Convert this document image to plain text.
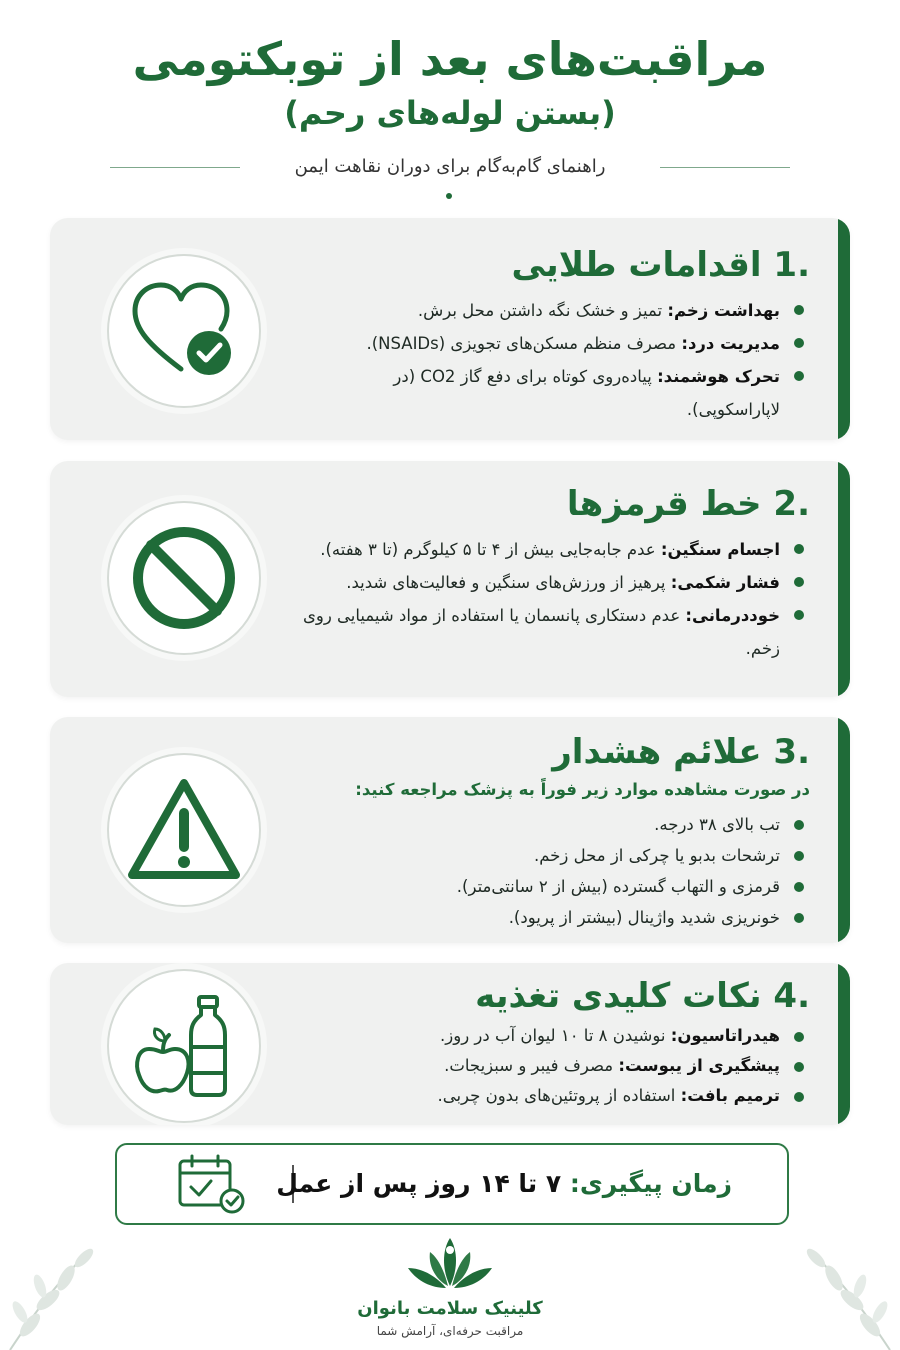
مراقبت‌های بعد از توبکتومی
(بستن لوله‌های رحم)
راهنمای گام‌به‌گام برای دوران نقاهت ایمن
.1 اقدامات طلایی
بهداشت زخم: تمیز و خشک نگه داشتن محل برش.
مدیریت درد: مصرف منظم مسکن‌های تجویزی (NSAIDs).
تحرک هوشمند: پیاده‌روی کوتاه برای دفع گاز CO2 (در لاپاراسکوپی).
.2 خط قرمزها
اجسام سنگین: عدم جابه‌جایی بیش از ۴ تا ۵ کیلوگرم (تا ۳ هفته).
فشار شکمی: پرهیز از ورزش‌های سنگین و فعالیت‌های شدید.
خوددرمانی: عدم دستکاری پانسمان یا استفاده از مواد شیمیایی روی زخم.
.3 علائم هشدار
در صورت مشاهده موارد زیر فوراً به پزشک مراجعه کنید:
تب بالای ۳۸ درجه.
ترشحات بدبو یا چرکی از محل زخم.
قرمزی و التهاب گسترده (بیش از ۲ سانتی‌متر).
خونریزی شدید واژینال (بیشتر از پریود).
.4 نکات کلیدی تغذیه
هیدراتاسیون: نوشیدن ۸ تا ۱۰ لیوان آب در روز.
پیشگیری از یبوست: مصرف فیبر و سبزیجات.
ترمیم بافت: استفاده از پروتئین‌های بدون چربی.
زمان پیگیری: ۷ تا ۱۴ روز پس از عمل
کلینیک سلامت بانوان
مراقبت حرفه‌ای، آرامش شما
